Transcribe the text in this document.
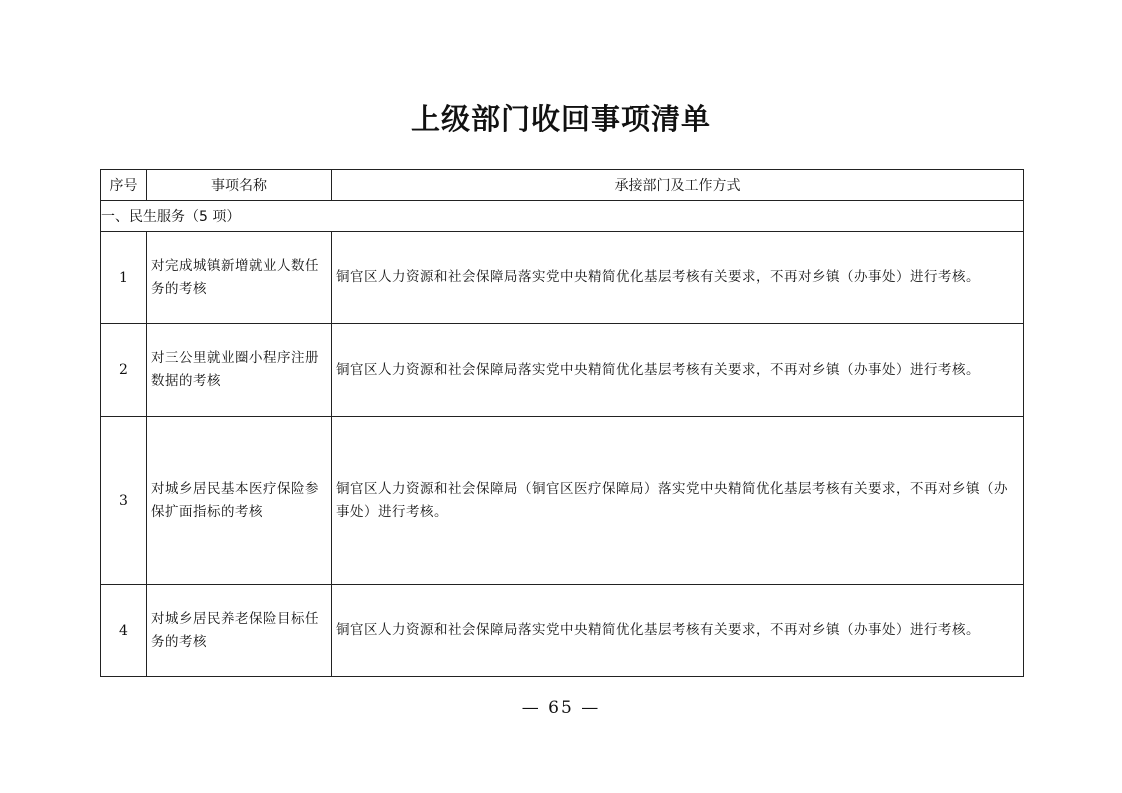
上级部门收回事项清单
序号	事项名称	承接部门及工作方式
一、民生服务（5 项）		
1	对完成城镇新增就业人数任务的考核	铜官区人力资源和社会保障局落实党中央精简优化基层考核有关要求，不再对乡镇（办事处）进行考核。
2	对三公里就业圈小程序注册数据的考核	铜官区人力资源和社会保障局落实党中央精简优化基层考核有关要求，不再对乡镇（办事处）进行考核。
3	对城乡居民基本医疗保险参保扩面指标的考核	铜官区人力资源和社会保障局（铜官区医疗保障局）落实党中央精简优化基层考核有关要求，不再对乡镇（办事处）进行考核。
4	对城乡居民养老保险目标任务的考核	铜官区人力资源和社会保障局落实党中央精简优化基层考核有关要求，不再对乡镇（办事处）进行考核。
— 65 —
